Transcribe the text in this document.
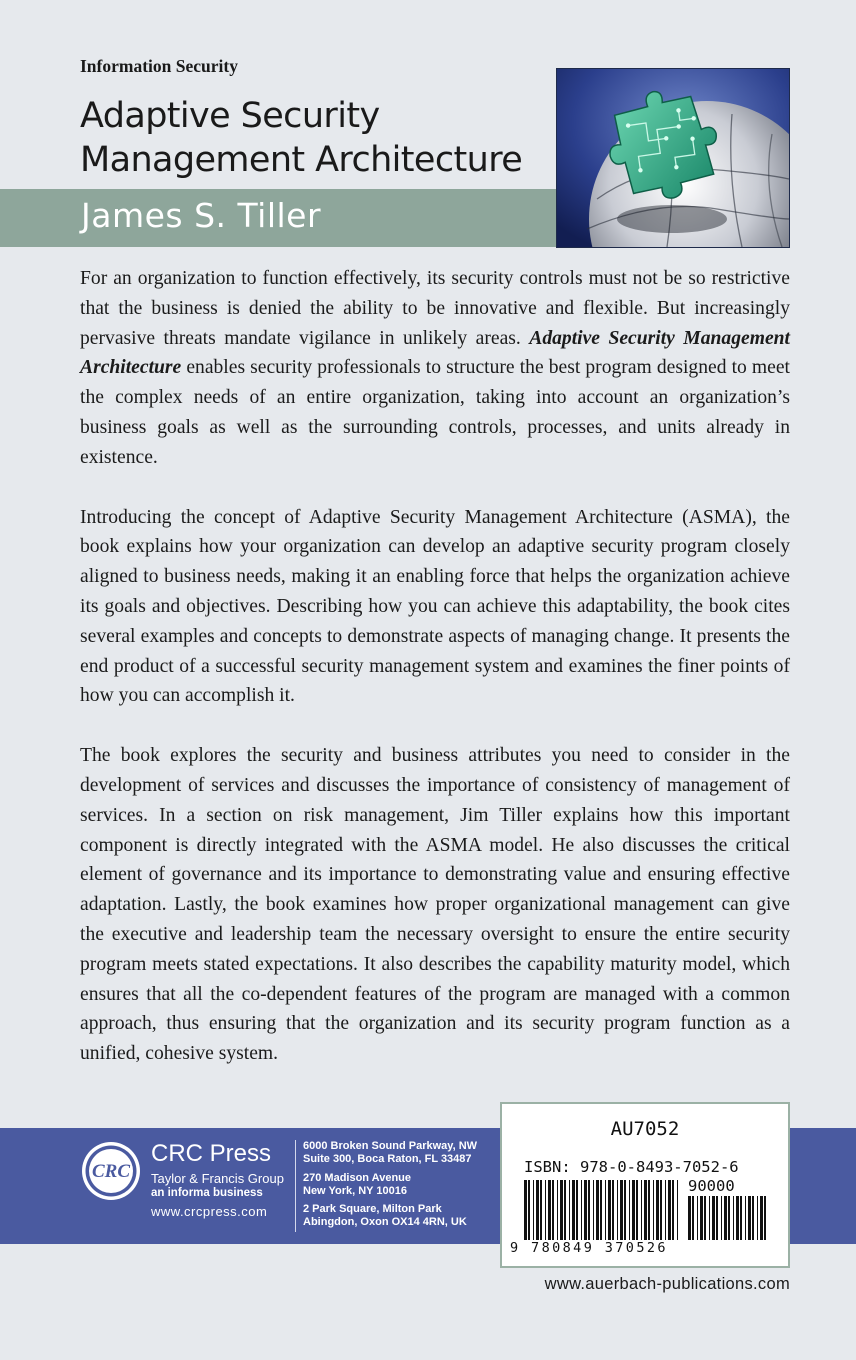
Information Security
Adaptive Security
Management Architecture
James S. Tiller

For an organization to function effectively, its security controls must not be so restrictive that the business is denied the ability to be innovative and flexible. But increasingly pervasive threats mandate vigilance in unlikely areas. Adaptive Security Management Architecture enables security professionals to structure the best program designed to meet the complex needs of an entire organization, taking into account an organization’s business goals as well as the surrounding controls, processes, and units already in existence.

Introducing the concept of Adaptive Security Management Architecture (ASMA), the book explains how your organization can develop an adaptive security program closely aligned to business needs, making it an enabling force that helps the organization achieve its goals and objectives. Describing how you can achieve this adaptability, the book cites several examples and concepts to demonstrate aspects of managing change. It presents the end product of a successful security management system and examines the finer points of how you can accomplish it.

The book explores the security and business attributes you need to consider in the development of services and discusses the importance of consistency of management of services. In a section on risk management, Jim Tiller explains how this important component is directly integrated with the ASMA model. He also discusses the critical element of governance and its importance to demonstrating value and ensuring effective adaptation. Lastly, the book examines how proper organizational management can give the executive and leadership team the necessary oversight to ensure the entire security program meets stated expectations. It also describes the capability maturity model, which ensures that all the co-dependent features of the program are managed with a common approach, thus ensuring that the organization and its security program function as a unified, cohesive system.

CRC
CRC Press
Taylor & Francis Group
an informa business
www.crcpress.com
6000 Broken Sound Parkway, NW
Suite 300, Boca Raton, FL 33487
270 Madison Avenue
New York, NY 10016
2 Park Square, Milton Park
Abingdon, Oxon OX14 4RN, UK
AU7052
ISBN: 978-0-8493-7052-6
90000
9 780849 370526
www.auerbach-publications.com
